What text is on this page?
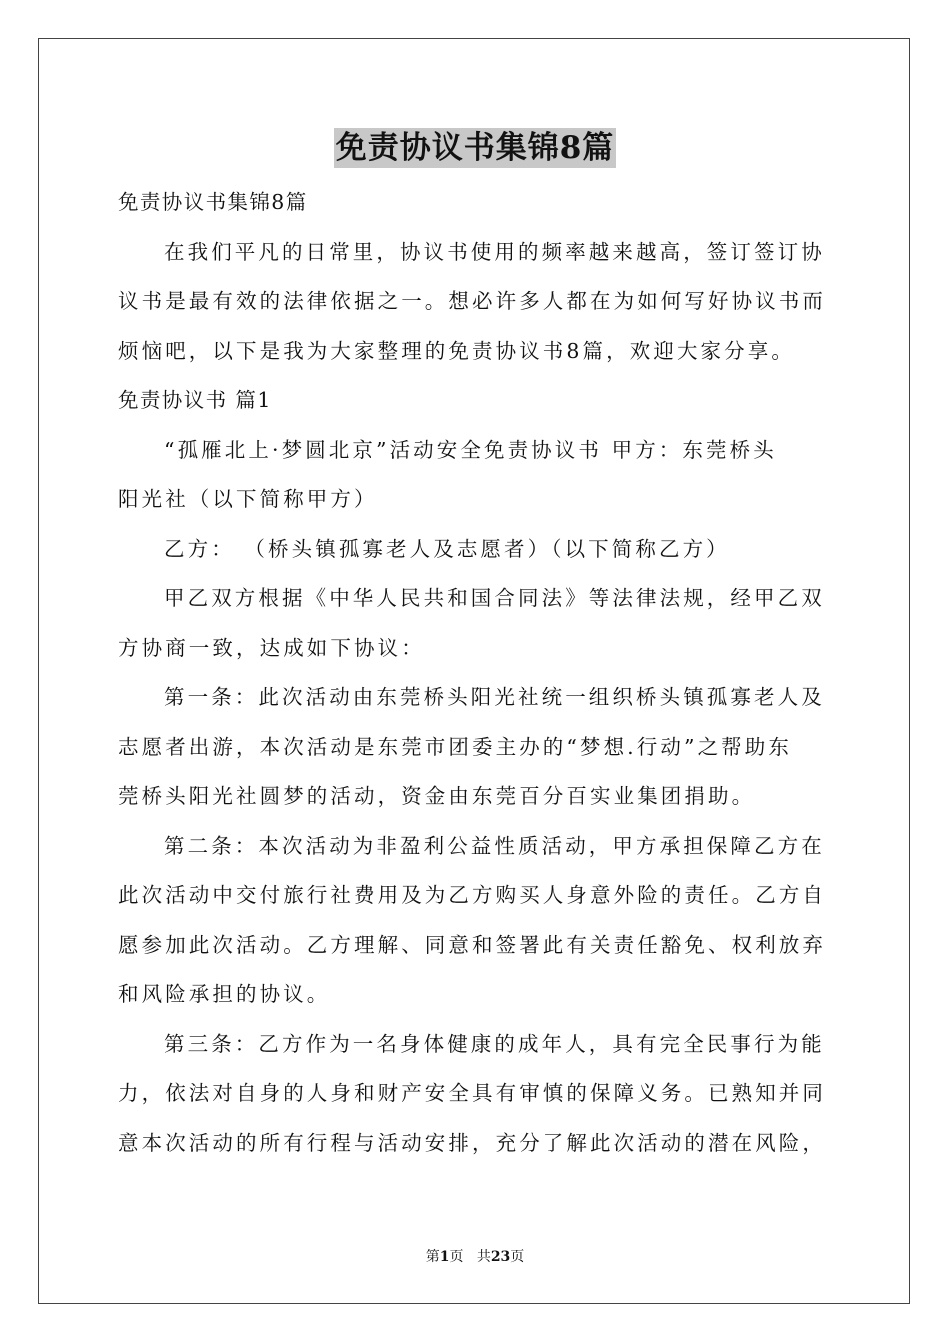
免责协议书集锦8篇
免责协议书集锦8篇
在我们平凡的日常里，协议书使用的频率越来越高，签订签订协
议书是最有效的法律依据之一。想必许多人都在为如何写好协议书而
烦恼吧，以下是我为大家整理的免责协议书8篇，欢迎大家分享。
免责协议书 篇1
“孤雁北上·梦圆北京”活动安全免责协议书 甲方：东莞桥头
阳光社（以下简称甲方）
乙方： （桥头镇孤寡老人及志愿者）（以下简称乙方）
甲乙双方根据《中华人民共和国合同法》等法律法规，经甲乙双
方协商一致，达成如下协议：
第一条：此次活动由东莞桥头阳光社统一组织桥头镇孤寡老人及
志愿者出游，本次活动是东莞市团委主办的“梦想.行动”之帮助东
莞桥头阳光社圆梦的活动，资金由东莞百分百实业集团捐助。
第二条：本次活动为非盈利公益性质活动，甲方承担保障乙方在
此次活动中交付旅行社费用及为乙方购买人身意外险的责任。乙方自
愿参加此次活动。乙方理解、同意和签署此有关责任豁免、权利放弃
和风险承担的协议。
第三条：乙方作为一名身体健康的成年人，具有完全民事行为能
力，依法对自身的人身和财产安全具有审慎的保障义务。已熟知并同
意本次活动的所有行程与活动安排，充分了解此次活动的潜在风险，
第1页 共23页
